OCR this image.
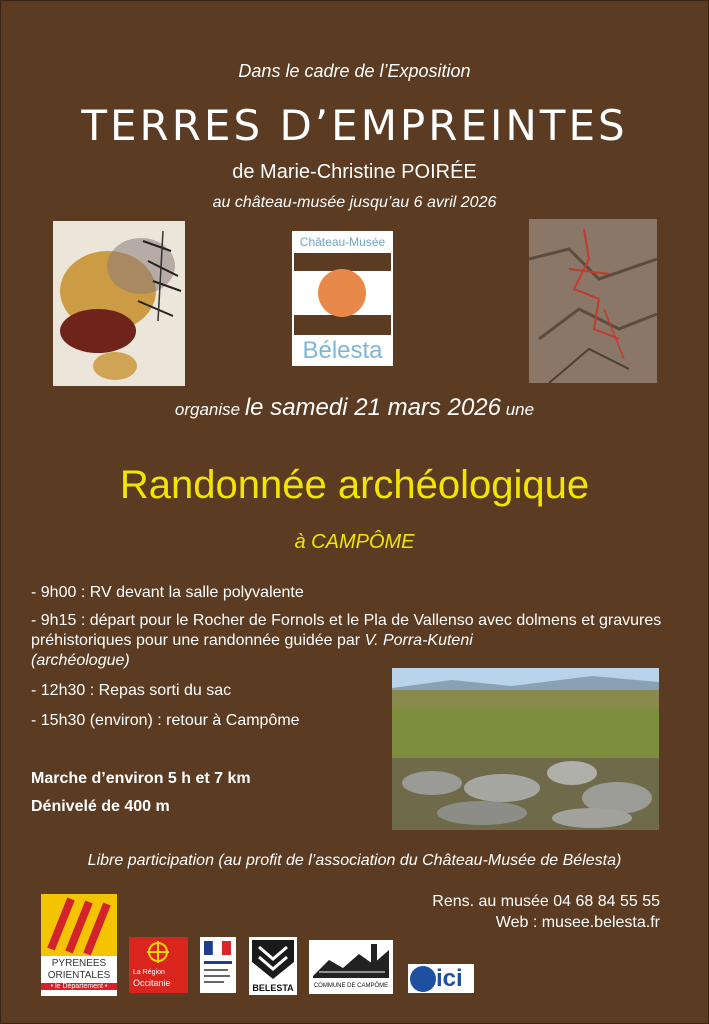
Dans le cadre de l’Exposition
TERRES D’EMPREINTES
de Marie-Christine POIRÉE
au château-musée jusqu’au 6 avril 2026
Château-Musée
Bélesta
organise le samedi 21 mars 2026 une
Randonnée archéologique
à CAMPÔME
- 9h00 : RV devant la salle polyvalente
- 9h15 : départ pour le Rocher de Fornols et le Pla de Vallenso avec dolmens et gravures préhistoriques pour une randonnée guidée par V. Porra-Kuteni
(archéologue)
- 12h30 : Repas sorti du sac
- 15h30 (environ) : retour à Campôme
Marche d’environ 5 h et 7 km
Dénivelé de 400 m
Libre participation (au profit de l’association du Château-Musée de Bélesta)
Rens. au musée 04 68 84 55 55
Web : musee.belesta.fr
PYRENEES
ORIENTALES
• le Département •
La Région
Occitanie	BELESTA	COMMUNE DE CAMPÔME ici
